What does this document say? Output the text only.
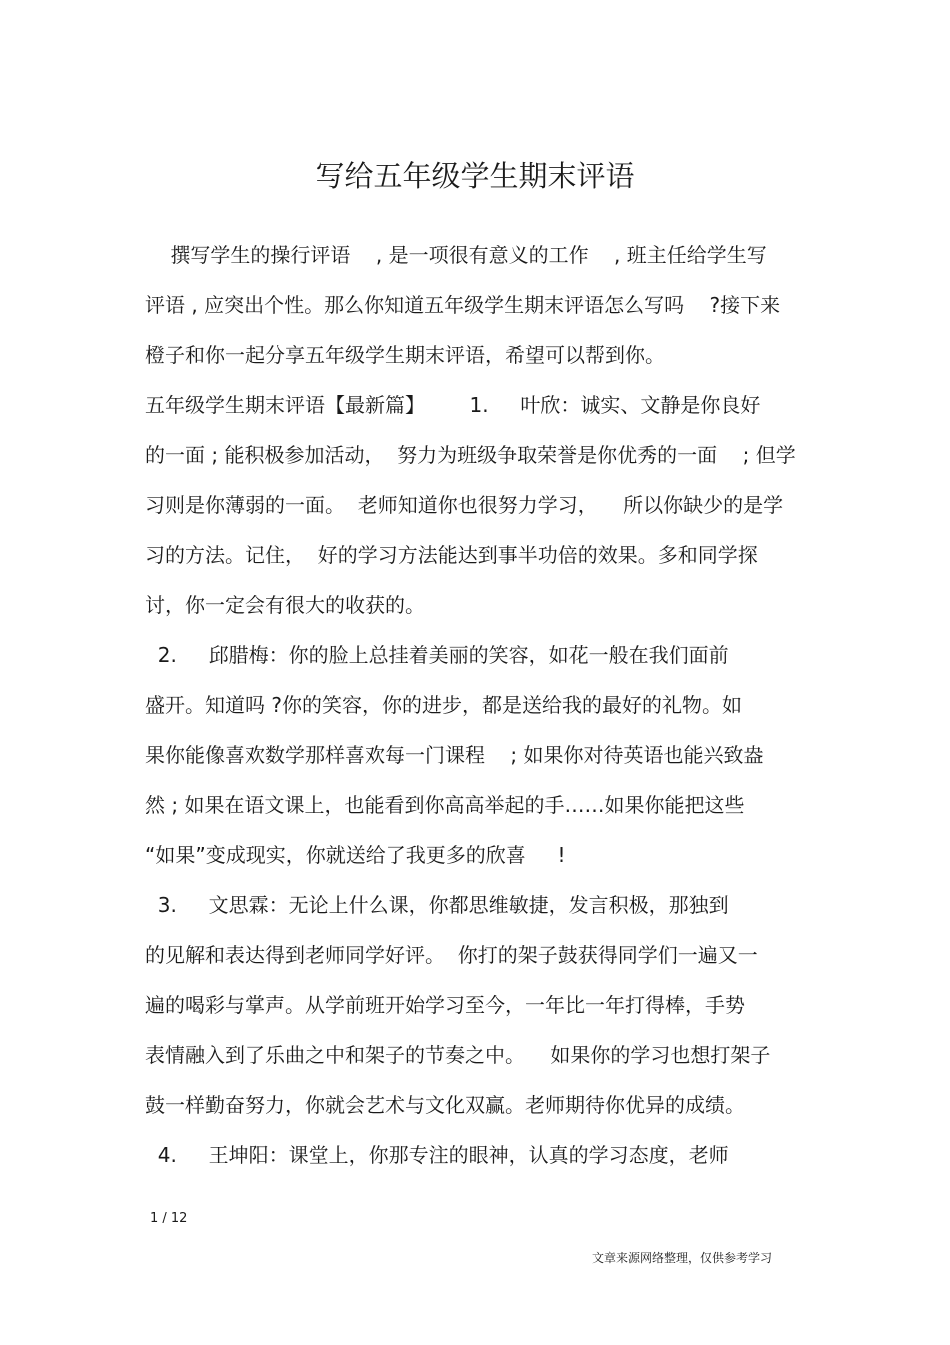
写给五年级学生期末评语
撰写学生的操行评语    , 是一项很有意义的工作    , 班主任给学生写
评语 , 应突出个性。那么你知道五年级学生期末评语怎么写吗    ?接下来
橙子和你一起分享五年级学生期末评语，希望可以帮到你。
五年级学生期末评语【最新篇】       1.     叶欣：诚实、文静是你良好
的一面 ; 能积极参加活动，  努力为班级争取荣誉是你优秀的一面    ; 但学
习则是你薄弱的一面。  老师知道你也很努力学习，    所以你缺少的是学
习的方法。记住，  好的学习方法能达到事半功倍的效果。多和同学探
讨，你一定会有很大的收获的。
2.     邱腊梅：你的脸上总挂着美丽的笑容，如花一般在我们面前
盛开。知道吗 ?你的笑容，你的进步，都是送给我的最好的礼物。如
果你能像喜欢数学那样喜欢每一门课程    ; 如果你对待英语也能兴致盎
然 ; 如果在语文课上，也能看到你高高举起的手……如果你能把这些
“如果”变成现实，你就送给了我更多的欣喜     !
3.     文思霖：无论上什么课，你都思维敏捷，发言积极，那独到
的见解和表达得到老师同学好评。  你打的架子鼓获得同学们一遍又一
遍的喝彩与掌声。从学前班开始学习至今，一年比一年打得棒，手势
表情融入到了乐曲之中和架子的节奏之中。    如果你的学习也想打架子
鼓一样勤奋努力，你就会艺术与文化双赢。老师期待你优异的成绩。
4.     王坤阳：课堂上，你那专注的眼神，认真的学习态度，老师
1 / 12
文章来源网络整理，仅供参考学习
